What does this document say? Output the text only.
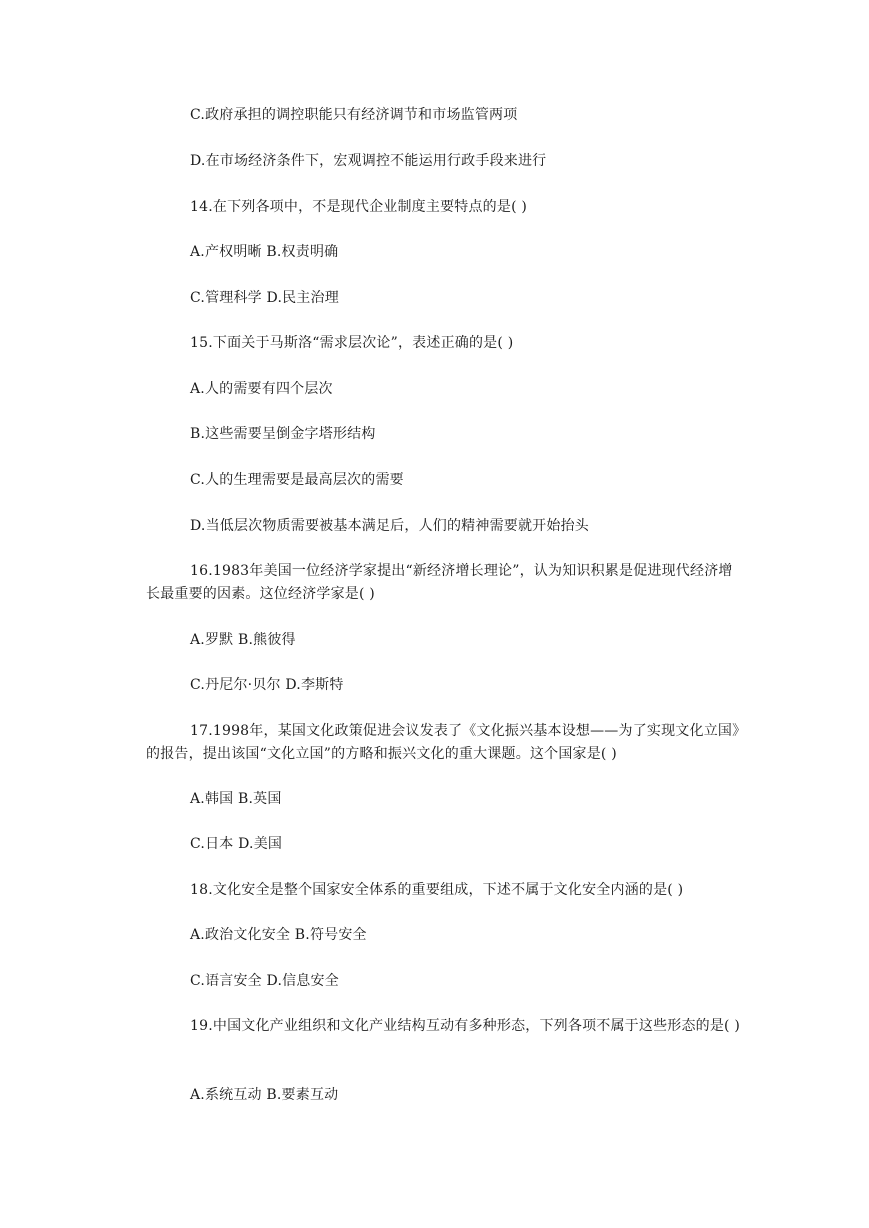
C.政府承担的调控职能只有经济调节和市场监管两项
D.在市场经济条件下，宏观调控不能运用行政手段来进行
14.在下列各项中，不是现代企业制度主要特点的是( )
A.产权明晰 B.权责明确
C.管理科学 D.民主治理
15.下面关于马斯洛“需求层次论”，表述正确的是( )
A.人的需要有四个层次
B.这些需要呈倒金字塔形结构
C.人的生理需要是最高层次的需要
D.当低层次物质需要被基本满足后，人们的精神需要就开始抬头
16.1983年美国一位经济学家提出“新经济增长理论”，认为知识积累是促进现代经济增长最重要的因素。这位经济学家是( )
A.罗默 B.熊彼得
C.丹尼尔·贝尔 D.李斯特
17.1998年，某国文化政策促进会议发表了《文化振兴基本设想——为了实现文化立国》的报告，提出该国“文化立国”的方略和振兴文化的重大课题。这个国家是( )
A.韩国 B.英国
C.日本 D.美国
18.文化安全是整个国家安全体系的重要组成，下述不属于文化安全内涵的是( )
A.政治文化安全 B.符号安全
C.语言安全 D.信息安全
19.中国文化产业组织和文化产业结构互动有多种形态，下列各项不属于这些形态的是( )
A.系统互动 B.要素互动
